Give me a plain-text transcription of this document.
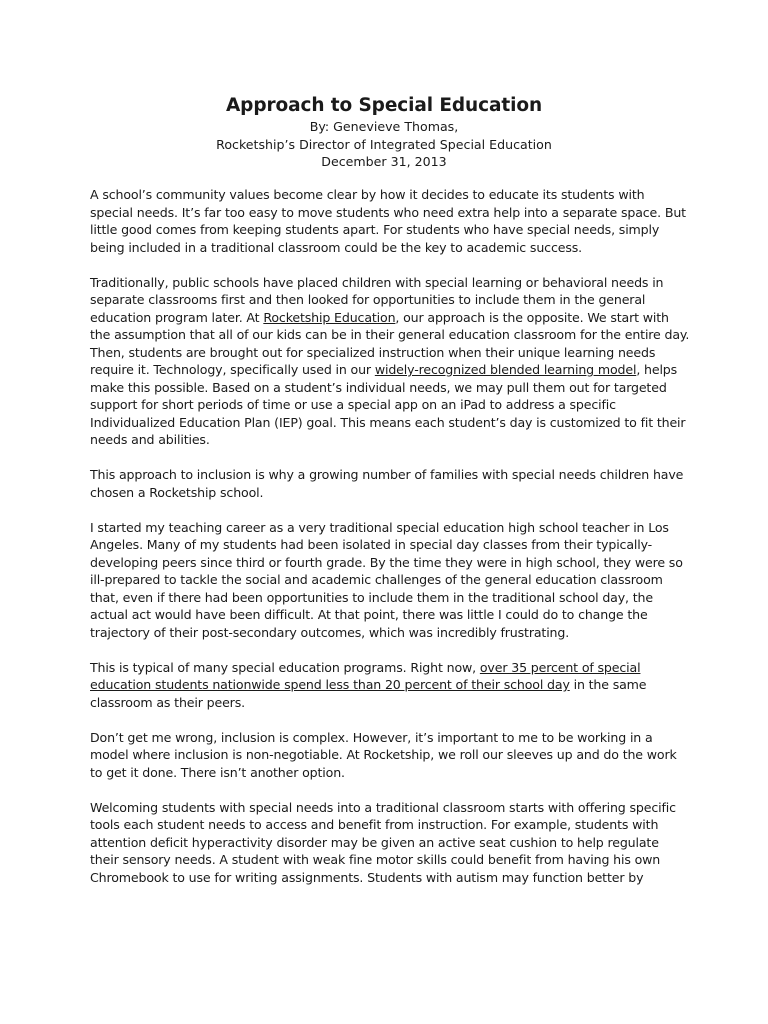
Approach to Special Education

By: Genevieve Thomas,

Rocketship’s Director of Integrated Special Education

December 31, 2013

A school’s community values become clear by how it decides to educate its students with special needs. It’s far too easy to move students who need extra help into a separate space. But little good comes from keeping students apart. For students who have special needs, simply being included in a traditional classroom could be the key to academic success.

Traditionally, public schools have placed children with special learning or behavioral needs in separate classrooms first and then looked for opportunities to include them in the general education program later. At Rocketship Education, our approach is the opposite. We start with the assumption that all of our kids can be in their general education classroom for the entire day. Then, students are brought out for specialized instruction when their unique learning needs require it. Technology, specifically used in our widely-recognized blended learning model, helps make this possible. Based on a student’s individual needs, we may pull them out for targeted support for short periods of time or use a special app on an iPad to address a specific Individualized Education Plan (IEP) goal. This means each student’s day is customized to fit their needs and abilities.

This approach to inclusion is why a growing number of families with special needs children have chosen a Rocketship school.

I started my teaching career as a very traditional special education high school teacher in Los Angeles. Many of my students had been isolated in special day classes from their typically-developing peers since third or fourth grade. By the time they were in high school, they were so ill-prepared to tackle the social and academic challenges of the general education classroom that, even if there had been opportunities to include them in the traditional school day, the actual act would have been difficult. At that point, there was little I could do to change the trajectory of their post-secondary outcomes, which was incredibly frustrating.

This is typical of many special education programs. Right now, over 35 percent of special education students nationwide spend less than 20 percent of their school day in the same classroom as their peers.

Don’t get me wrong, inclusion is complex. However, it’s important to me to be working in a model where inclusion is non-negotiable. At Rocketship, we roll our sleeves up and do the work to get it done. There isn’t another option.

Welcoming students with special needs into a traditional classroom starts with offering specific tools each student needs to access and benefit from instruction. For example, students with attention deficit hyperactivity disorder may be given an active seat cushion to help regulate their sensory needs. A student with weak fine motor skills could benefit from having his own Chromebook to use for writing assignments. Students with autism may function better by
